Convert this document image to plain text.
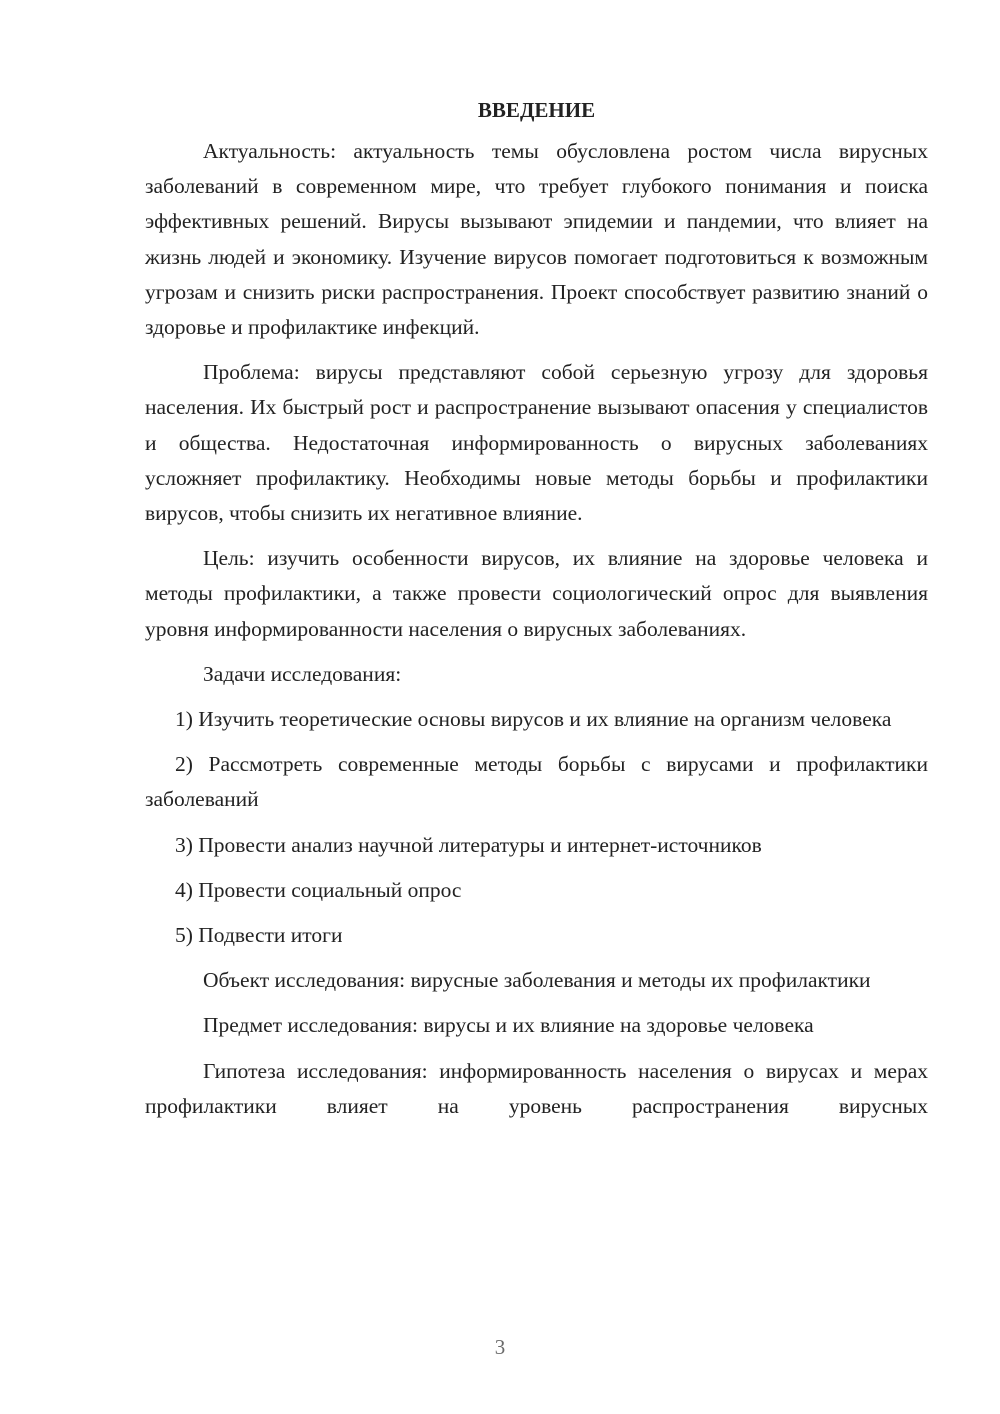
ВВЕДЕНИЕ

Актуальность: актуальность темы обусловлена ростом числа вирусных заболеваний в современном мире, что требует глубокого понимания и поиска эффективных решений. Вирусы вызывают эпидемии и пандемии, что влияет на жизнь людей и экономику. Изучение вирусов помогает подготовиться к возможным угрозам и снизить риски распространения. Проект способствует развитию знаний о здоровье и профилактике инфекций.

Проблема: вирусы представляют собой серьезную угрозу для здоровья населения. Их быстрый рост и распространение вызывают опасения у специалистов и общества. Недостаточная информированность о вирусных заболеваниях усложняет профилактику. Необходимы новые методы борьбы и профилактики вирусов, чтобы снизить их негативное влияние.

Цель: изучить особенности вирусов, их влияние на здоровье человека и методы профилактики, а также провести социологический опрос для выявления уровня информированности населения о вирусных заболеваниях.

Задачи исследования:

1) Изучить теоретические основы вирусов и их влияние на организм человека

2) Рассмотреть современные методы борьбы с вирусами и профилактики заболеваний

3) Провести анализ научной литературы и интернет-источников

4) Провести социальный опрос

5) Подвести итоги

Объект исследования: вирусные заболевания и методы их профилактики

Предмет исследования: вирусы и их влияние на здоровье человека

Гипотеза исследования: информированность населения о вирусах и мерах профилактики влияет на уровень распространения вирусных

3
